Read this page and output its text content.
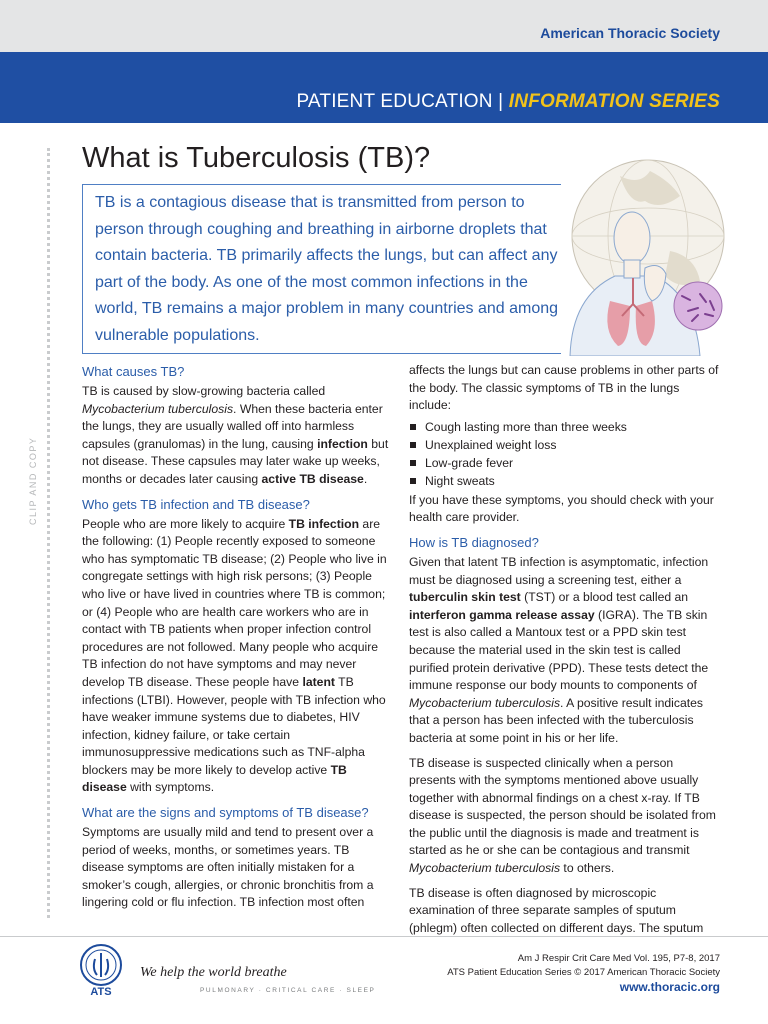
American Thoracic Society
PATIENT EDUCATION | INFORMATION SERIES
CLIP AND COPY
What is Tuberculosis (TB)?
TB is a contagious disease that is transmitted from person to person through coughing and breathing in airborne droplets that contain bacteria. TB primarily affects the lungs, but can affect any part of the body. As one of the most common infections in the world, TB remains a major problem in many countries and among vulnerable populations.
What causes TB?

TB is caused by slow-growing bacteria called Mycobacterium tuberculosis. When these bacteria enter the lungs, they are usually walled off into harmless capsules (granulomas) in the lung, causing infection but not disease. These capsules may later wake up weeks, months or decades later causing active TB disease.

Who gets TB infection and TB disease?

People who are more likely to acquire TB infection are the following: (1) People recently exposed to someone who has symptomatic TB disease; (2) People who live in congregate settings with high risk persons; (3) People who live or have lived in countries where TB is common; or (4) People who are health care workers who are in contact with TB patients when proper infection control procedures are not followed. Many people who acquire TB infection do not have symptoms and may never develop TB disease. These people have latent TB infections (LTBI). However, people with TB infection who have weaker immune systems due to diabetes, HIV infection, kidney failure, or take certain immunosuppressive medications such as TNF-alpha blockers may be more likely to develop active TB disease with symptoms.

What are the signs and symptoms of TB disease?

Symptoms are usually mild and tend to present over a period of weeks, months, or sometimes years. TB disease symptoms are often initially mistaken for a smoker’s cough, allergies, or chronic bronchitis from a lingering cold or flu infection. TB infection most often

affects the lungs but can cause problems in other parts of the body. The classic symptoms of TB in the lungs include:

Cough lasting more than three weeks
Unexplained weight loss
Low-grade fever
Night sweats

If you have these symptoms, you should check with your health care provider.

How is TB diagnosed?

Given that latent TB infection is asymptomatic, infection must be diagnosed using a screening test, either a tuberculin skin test (TST) or a blood test called an interferon gamma release assay (IGRA). The TB skin test is also called a Mantoux test or a PPD skin test because the material used in the skin test is called purified protein derivative (PPD). These tests detect the immune response our body mounts to components of Mycobacterium tuberculosis. A positive result indicates that a person has been infected with the tuberculosis bacteria at some point in his or her life.

TB disease is suspected clinically when a person presents with the symptoms mentioned above usually together with abnormal findings on a chest x-ray. If TB disease is suspected, the person should be isolated from the public until the diagnosis is made and treatment is started as he or she can be contagious and transmit Mycobacterium tuberculosis to others.

TB disease is often diagnosed by microscopic examination of three separate samples of sputum (phlegm) often collected on different days. The sputum

ATS
We help the world breathe
PULMONARY · CRITICAL CARE · SLEEP
Am J Respir Crit Care Med Vol. 195, P7-8, 2017
ATS Patient Education Series © 2017 American Thoracic Society
www.thoracic.org
